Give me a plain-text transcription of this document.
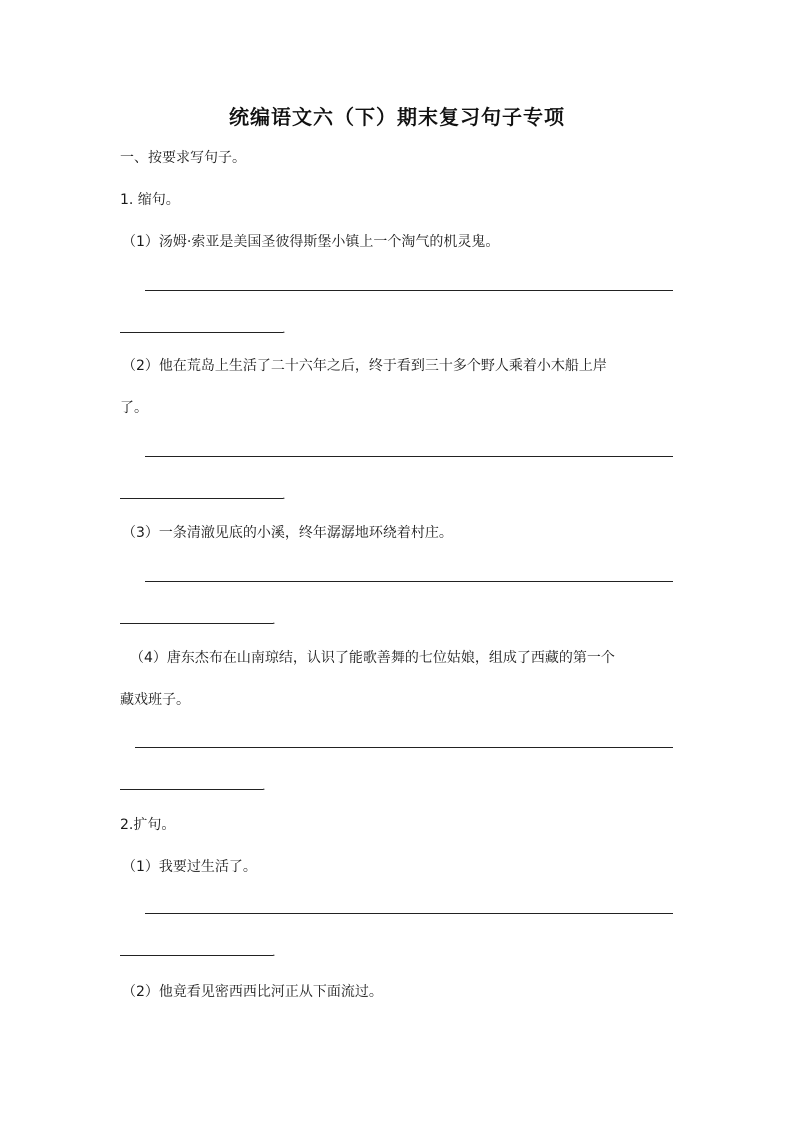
统编语文六（下）期末复习句子专项
一、按要求写句子。
1. 缩句。
（1）汤姆·索亚是美国圣彼得斯堡小镇上一个淘气的机灵鬼。
.
（2）他在荒岛上生活了二十六年之后，终于看到三十多个野人乘着小木船上岸
了。
.
（3）一条清澈见底的小溪，终年潺潺地环绕着村庄。
.
（4）唐东杰布在山南琼结，认识了能歌善舞的七位姑娘，组成了西藏的第一个
藏戏班子。
.
2.扩句。
（1）我要过生活了。
.
（2）他竟看见密西西比河正从下面流过。
